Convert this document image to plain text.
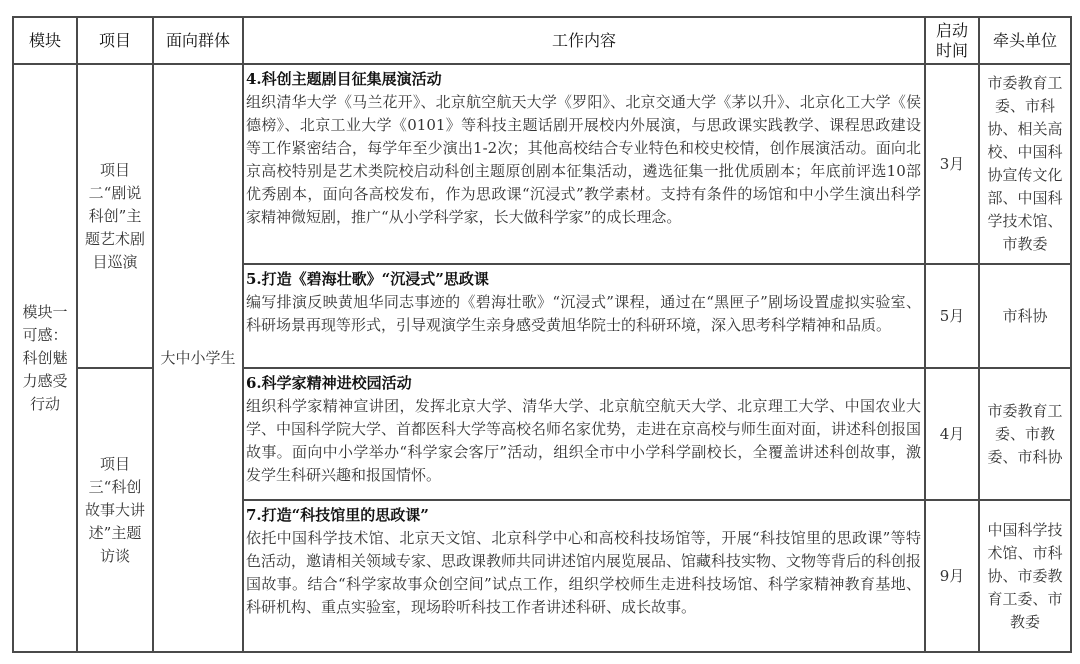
模块	项目	面向群体	工作内容	启动时间	牵头单位
模块一可感：科创魅力感受行动	项目二“剧说科创”主题艺术剧目巡演	大中小学生	4.科创主题剧目征集展演活动
组织清华大学《马兰花开》、北京航空航天大学《罗阳》、北京交通大学《茅以升》、北京化工大学《侯德榜》、北京工业大学《0101》等科技主题话剧开展校内外展演，与思政课实践教学、课程思政建设等工作紧密结合，每学年至少演出1-2次；其他高校结合专业特色和校史校情，创作展演活动。面向北京高校特别是艺术类院校启动科创主题原创剧本征集活动，遴选征集一批优质剧本；年底前评选10部优秀剧本，面向各高校发布，作为思政课“沉浸式”教学素材。支持有条件的场馆和中小学生演出科学家精神微短剧，推广“从小学科学家，长大做科学家”的成长理念。	3月	市委教育工委、市科协、相关高校、中国科协宣传文化部、中国科学技术馆、市教委

			5.打造《碧海壮歌》“沉浸式”思政课
编写排演反映黄旭华同志事迹的《碧海壮歌》“沉浸式”课程，通过在“黑匣子”剧场设置虚拟实验室、科研场景再现等形式，引导观演学生亲身感受黄旭华院士的科研环境，深入思考科学精神和品质。	5月	市科协
	项目三“科创故事大讲述”主题访谈		6.科学家精神进校园活动
组织科学家精神宣讲团，发挥北京大学、清华大学、北京航空航天大学、北京理工大学、中国农业大学、中国科学院大学、首都医科大学等高校名师名家优势，走进在京高校与师生面对面，讲述科创报国故事。面向中小学举办“科学家会客厅”活动，组织全市中小学科学副校长，全覆盖讲述科创故事，激发学生科研兴趣和报国情怀。	4月	市委教育工委、市教委、市科协

			7.打造“科技馆里的思政课”
依托中国科学技术馆、北京天文馆、北京科学中心和高校科技场馆等，开展“科技馆里的思政课”等特色活动，邀请相关领域专家、思政课教师共同讲述馆内展览展品、馆藏科技实物、文物等背后的科创报国故事。结合“科学家故事众创空间”试点工作，组织学校师生走进科技场馆、科学家精神教育基地、科研机构、重点实验室，现场聆听科技工作者讲述科研、成长故事。	9月	中国科学技术馆、市科协、市委教育工委、市教委
